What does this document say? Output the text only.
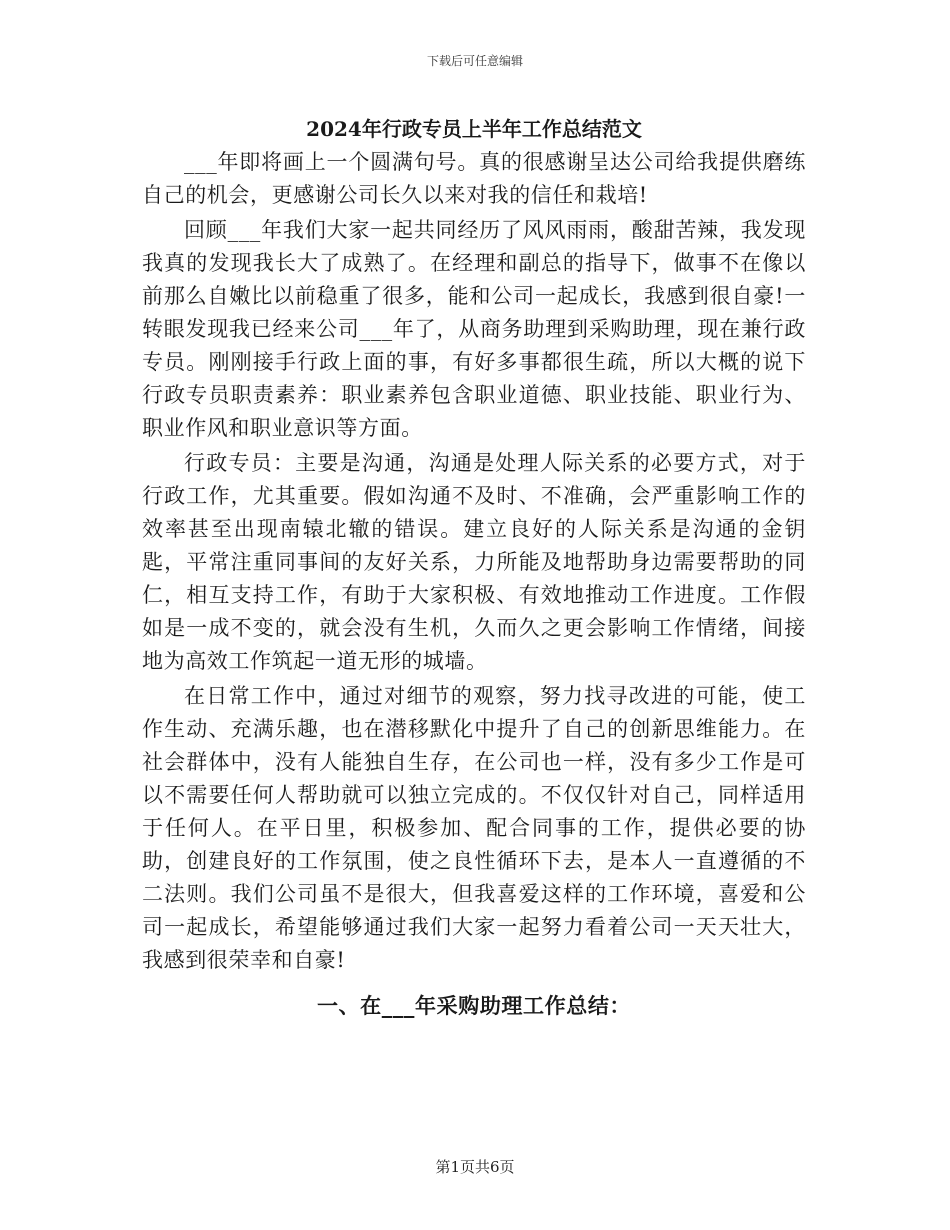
下载后可任意编辑
2024年行政专员上半年工作总结范文

___年即将画上一个圆满句号。真的很感谢呈达公司给我提供磨练自己的机会，更感谢公司长久以来对我的信任和栽培!

回顾___年我们大家一起共同经历了风风雨雨，酸甜苦辣，我发现我真的发现我长大了成熟了。在经理和副总的指导下，做事不在像以前那么自嫩比以前稳重了很多，能和公司一起成长，我感到很自豪!一转眼发现我已经来公司___年了，从商务助理到采购助理，现在兼行政专员。刚刚接手行政上面的事，有好多事都很生疏，所以大概的说下行政专员职责素养：职业素养包含职业道德、职业技能、职业行为、职业作风和职业意识等方面。

行政专员：主要是沟通，沟通是处理人际关系的必要方式，对于行政工作，尤其重要。假如沟通不及时、不准确，会严重影响工作的效率甚至出现南辕北辙的错误。建立良好的人际关系是沟通的金钥匙，平常注重同事间的友好关系，力所能及地帮助身边需要帮助的同仁，相互支持工作，有助于大家积极、有效地推动工作进度。工作假如是一成不变的，就会没有生机，久而久之更会影响工作情绪，间接地为高效工作筑起一道无形的城墙。

在日常工作中，通过对细节的观察，努力找寻改进的可能，使工作生动、充满乐趣，也在潜移默化中提升了自己的创新思维能力。在社会群体中，没有人能独自生存，在公司也一样，没有多少工作是可以不需要任何人帮助就可以独立完成的。不仅仅针对自己，同样适用于任何人。在平日里，积极参加、配合同事的工作，提供必要的协助，创建良好的工作氛围，使之良性循环下去，是本人一直遵循的不二法则。我们公司虽不是很大，但我喜爱这样的工作环境，喜爱和公司一起成长，希望能够通过我们大家一起努力看着公司一天天壮大，我感到很荣幸和自豪!

一、在___年采购助理工作总结：
第1页共6页
